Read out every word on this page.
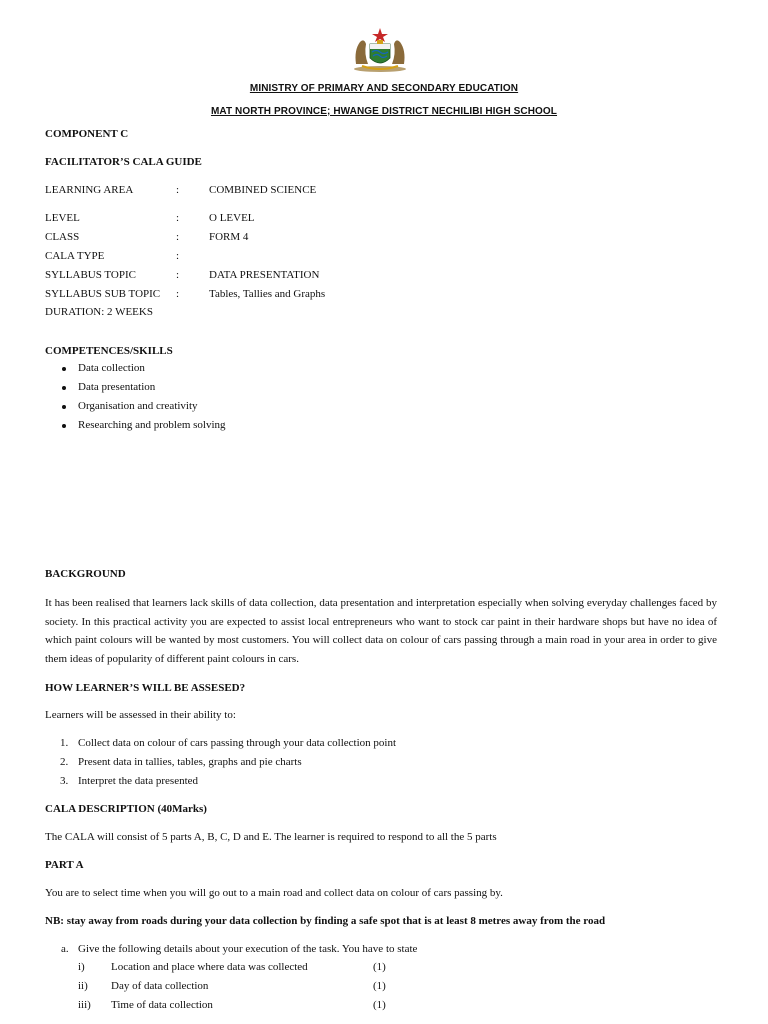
MINISTRY OF PRIMARY AND SECONDARY EDUCATION
MAT NORTH PROVINCE; HWANGE DISTRICT NECHILIBI HIGH SCHOOL
COMPONENT C
FACILITATOR’S CALA GUIDE
LEARNING AREA	:	COMBINED SCIENCE
LEVEL	:	O LEVEL
CLASS	:	FORM 4
CALA TYPE	:
SYLLABUS TOPIC	:	DATA PRESENTATION
SYLLABUS SUB TOPIC :	Tables, Tallies and Graphs
DURATION: 2 WEEKS
COMPETENCES/SKILLS
Data collection
Data presentation
Organisation and creativity
Researching and problem solving
BACKGROUND
It has been realised that learners lack skills of data collection, data presentation and interpretation especially when solving everyday challenges faced by society. In this practical activity you are expected to assist local entrepreneurs who want to stock car paint in their hardware shops but have no idea of which paint colours will be wanted by most customers. You will collect data on colour of cars passing through a main road in your area in order to give them ideas of popularity of different paint colours in cars.
HOW LEARNER’S WILL BE ASSESED?
Learners will be assessed in their ability to:
1. Collect data on colour of cars passing through your data collection point
2. Present data in tallies, tables, graphs and pie charts
3. Interpret the data presented
CALA DESCRIPTION (40Marks)
The CALA will consist of 5 parts A, B, C, D and E. The learner is required to respond to all the 5 parts
PART A
You are to select time when you will go out to a main road and collect data on colour of cars passing by.
NB: stay away from roads during your data collection by finding a safe spot that is at least 8 metres away from the road
a. Give the following details about your execution of the task. You have to state
i) Location and place where data was collected	(1)
ii) Day of data collection	(1)
iii) Time of data collection	(1)
